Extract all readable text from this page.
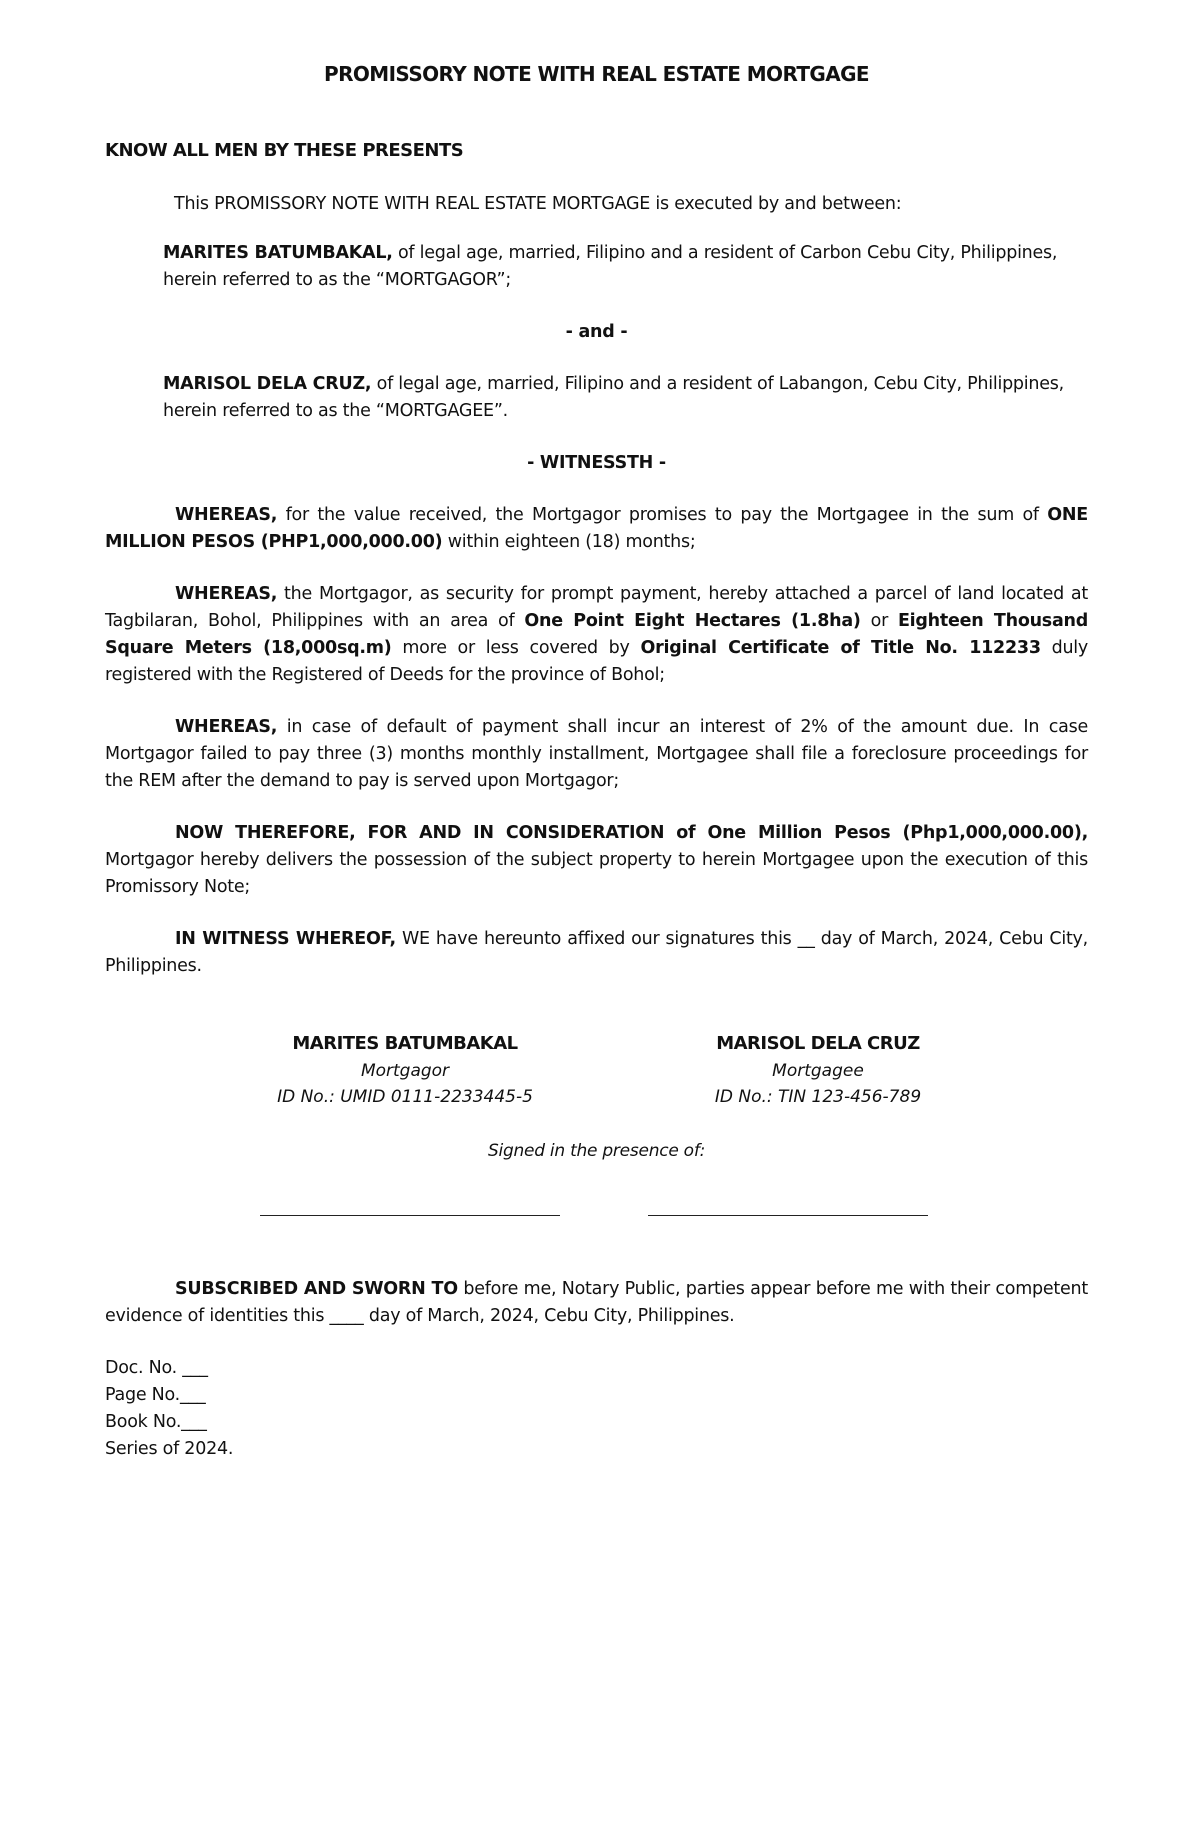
PROMISSORY NOTE WITH REAL ESTATE MORTGAGE
KNOW ALL MEN BY THESE PRESENTS

This PROMISSORY NOTE WITH REAL ESTATE MORTGAGE is executed by and between:

MARITES BATUMBAKAL, of legal age, married, Filipino and a resident of Carbon Cebu City, Philippines, herein referred to as the “MORTGAGOR”;

- and -

MARISOL DELA CRUZ, of legal age, married, Filipino and a resident of Labangon, Cebu City, Philippines, herein referred to as the “MORTGAGEE”.

- WITNESSTH -

WHEREAS, for the value received, the Mortgagor promises to pay the Mortgagee in the sum of ONE MILLION PESOS (PHP1,000,000.00) within eighteen (18) months;

WHEREAS, the Mortgagor, as security for prompt payment, hereby attached a parcel of land located at Tagbilaran, Bohol, Philippines with an area of One Point Eight Hectares (1.8ha) or Eighteen Thousand Square Meters (18,000sq.m) more or less covered by Original Certificate of Title No. 112233 duly registered with the Registered of Deeds for the province of Bohol;

WHEREAS, in case of default of payment shall incur an interest of 2% of the amount due. In case Mortgagor failed to pay three (3) months monthly installment, Mortgagee shall file a foreclosure proceedings for the REM after the demand to pay is served upon Mortgagor;

NOW THEREFORE, FOR AND IN CONSIDERATION of One Million Pesos (Php1,000,000.00), Mortgagor hereby delivers the possession of the subject property to herein Mortgagee upon the execution of this Promissory Note;

IN WITNESS WHEREOF, WE have hereunto affixed our signatures this __ day of March, 2024, Cebu City, Philippines.

MARITES BATUMBAKAL
Mortgagor
ID No.: UMID 0111-2233445-5
MARISOL DELA CRUZ
Mortgagee
ID No.: TIN 123-456-789

Signed in the presence of:

SUBSCRIBED AND SWORN TO before me, Notary Public, parties appear before me with their competent evidence of identities this ____ day of March, 2024, Cebu City, Philippines.

Doc. No. ___

Page No.___

Book No.___

Series of 2024.
